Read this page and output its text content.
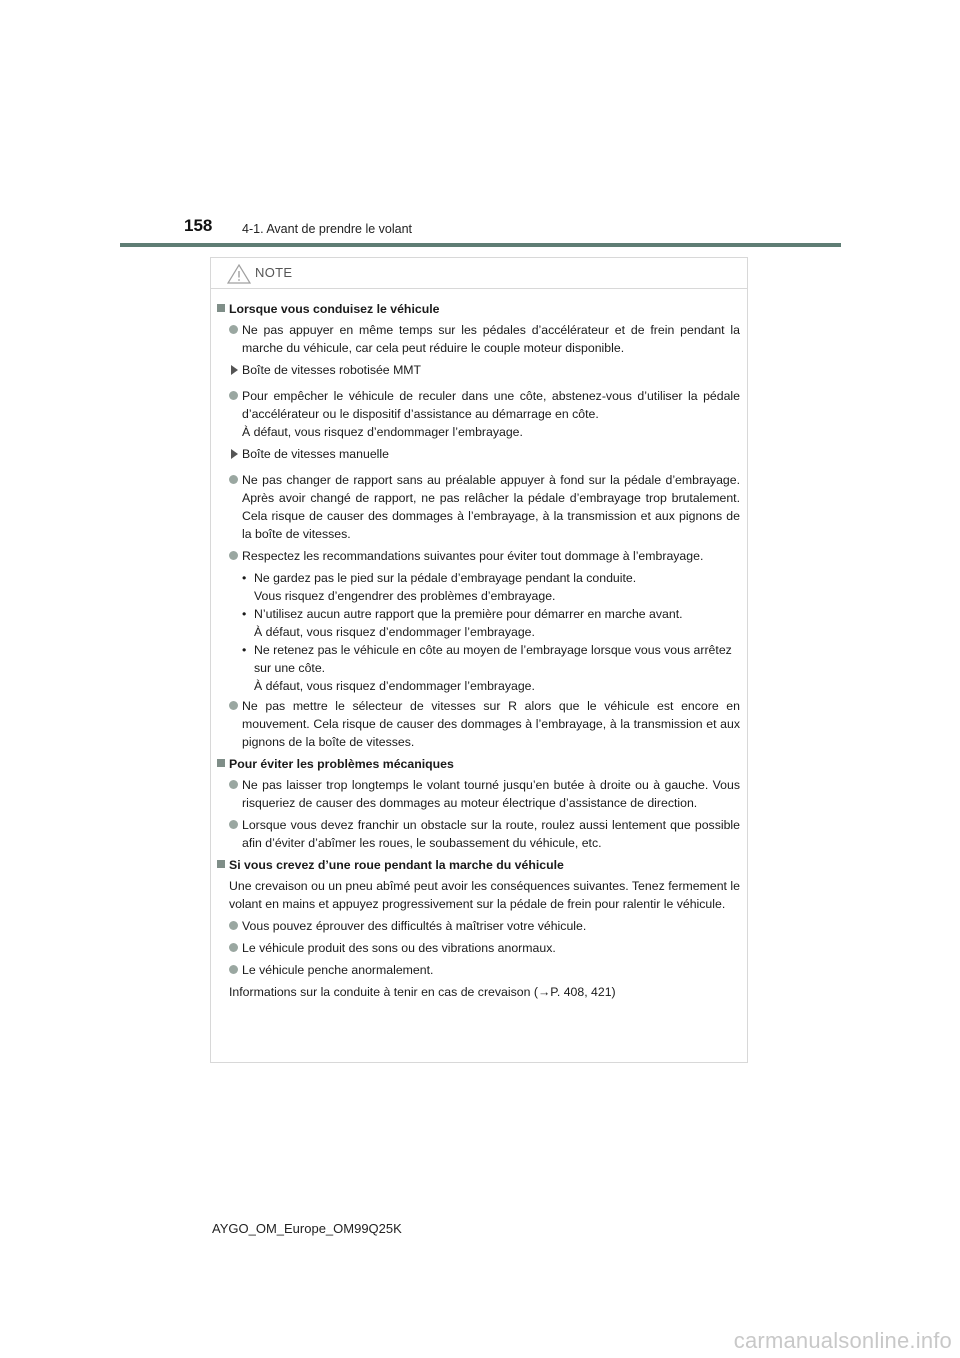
158 4-1. Avant de prendre le volant
NOTE
Lorsque vous conduisez le véhicule
Ne pas appuyer en même temps sur les pédales d’accélérateur et de frein pendant la marche du véhicule, car cela peut réduire le couple moteur disponible.
Boîte de vitesses robotisée MMT
Pour empêcher le véhicule de reculer dans une côte, abstenez-vous d’utiliser la pédale d’accélérateur ou le dispositif d’assistance au démarrage en côte.
À défaut, vous risquez d’endommager l’embrayage.
Boîte de vitesses manuelle
Ne pas changer de rapport sans au préalable appuyer à fond sur la pédale d’embrayage. Après avoir changé de rapport, ne pas relâcher la pédale d’embrayage trop brutalement. Cela risque de causer des dommages à l’embrayage, à la transmission et aux pignons de la boîte de vitesses.
Respectez les recommandations suivantes pour éviter tout dommage à l’embrayage.
• Ne gardez pas le pied sur la pédale d’embrayage pendant la conduite.
Vous risquez d’engendrer des problèmes d’embrayage.
• N’utilisez aucun autre rapport que la première pour démarrer en marche avant.
À défaut, vous risquez d’endommager l’embrayage.
• Ne retenez pas le véhicule en côte au moyen de l’embrayage lorsque vous vous arrêtez sur une côte.
À défaut, vous risquez d’endommager l’embrayage.
Ne pas mettre le sélecteur de vitesses sur R alors que le véhicule est encore en mouvement. Cela risque de causer des dommages à l’embrayage, à la transmission et aux pignons de la boîte de vitesses.
Pour éviter les problèmes mécaniques
Ne pas laisser trop longtemps le volant tourné jusqu’en butée à droite ou à gauche. Vous risqueriez de causer des dommages au moteur électrique d’assistance de direction.
Lorsque vous devez franchir un obstacle sur la route, roulez aussi lentement que possible afin d’éviter d’abîmer les roues, le soubassement du véhicule, etc.
Si vous crevez d’une roue pendant la marche du véhicule
Une crevaison ou un pneu abîmé peut avoir les conséquences suivantes. Tenez fermement le volant en mains et appuyez progressivement sur la pédale de frein pour ralentir le véhicule.
Vous pouvez éprouver des difficultés à maîtriser votre véhicule.
Le véhicule produit des sons ou des vibrations anormaux.
Le véhicule penche anormalement.
Informations sur la conduite à tenir en cas de crevaison (→P. 408, 421)
AYGO_OM_Europe_OM99Q25K
carmanualsonline.info
